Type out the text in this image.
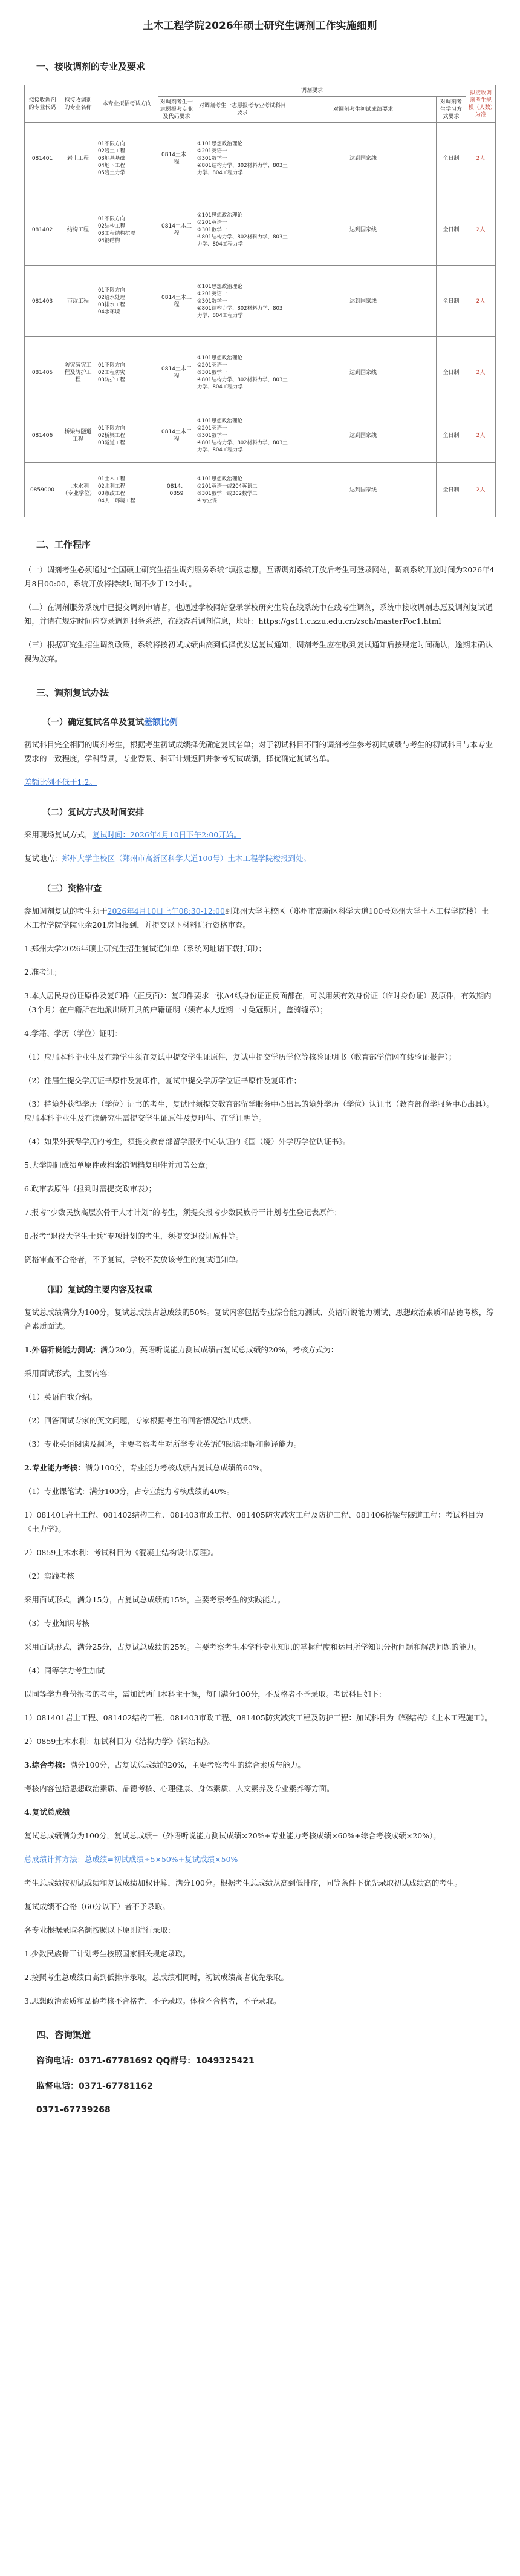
土木工程学院2026年硕士研究生调剂工作实施细则
一、接收调剂的专业及要求
拟接收调剂的专业代码	拟接收调剂的专业名称	本专业拟招考试方向	调剂要求				拟接收调剂考生规模（人数）为准
			对调剂考生一志愿报考专业及代码要求	对调剂考生一志愿报考专业考试科目要求	对调剂考生初试成绩要求	对调剂考生学习方式要求	
081401	岩土工程	01不限方向
02岩土工程
03地基基础
04地下工程
05岩土力学	0814土木工程	①101思想政治理论
②201英语一
③301数学一
④801结构力学、802材料力学、803土力学、804工程力学	达到国家线	全日制	2人
081402	结构工程	01不限方向
02结构工程
03工程结构抗震
04钢结构	0814土木工程	①101思想政治理论
②201英语一
③301数学一
④801结构力学、802材料力学、803土力学、804工程力学	达到国家线	全日制	2人
081403	市政工程	01不限方向
02给水处理
03排水工程
04水环境	0814土木工程	①101思想政治理论
②201英语一
③301数学一
④801结构力学、802材料力学、803土力学、804工程力学	达到国家线	全日制	2人
081405	防灾减灾工程及防护工程	01不限方向
02工程防灾
03防护工程	0814土木工程	①101思想政治理论
②201英语一
③301数学一
④801结构力学、802材料力学、803土力学、804工程力学	达到国家线	全日制	2人
081406	桥梁与隧道工程	01不限方向
02桥梁工程
03隧道工程	0814土木工程	①101思想政治理论
②201英语一
③301数学一
④801结构力学、802材料力学、803土力学、804工程力学	达到国家线	全日制	2人
0859000	土木水利（专业学位）	01土木工程
02水利工程
03市政工程
04人工环境工程	0814、0859	①101思想政治理论
②201英语一或204英语二
③301数学一或302数学二
④专业课	达到国家线	全日制	2人
二、工作程序

（一）调剂考生必须通过“全国硕士研究生招生调剂服务系统”填报志愿。互帮调剂系统开放后考生可登录网站，调剂系统开放时间为2026年4月8日00:00，系统开放将持续时间不少于12小时。

（二）在调剂服务系统中已提交调剂申请者，也通过学校网站登录学校研究生院在线系统中在线考生调剂，系统中接收调剂志愿及调剂复试通知，并请在规定时间内登录调剂服务系统，在线查看调剂信息，地址：https://gs11.c.zzu.edu.cn/zsch/masterFoc1.html

（三）根据研究生招生调剂政策，系统将按初试成绩由高到低择优发送复试通知，调剂考生应在收到复试通知后按规定时间确认，逾期未确认视为放弃。

三、调剂复试办法
（一）确定复试名单及复试差额比例

初试科目完全相同的调剂考生，根据考生初试成绩择优确定复试名单；对于初试科目不同的调剂考生参考初试成绩与考生的初试科目与本专业要求的一致程度，学科背景，专业背景、科研计划返回并参考初试成绩，择优确定复试名单。

差额比例不低于1:2。

（二）复试方式及时间安排

采用现场复试方式，复试时间：2026年4月10日下午2:00开始。

复试地点：郑州大学主校区（郑州市高新区科学大道100号）土木工程学院楼报到处。

（三）资格审查

参加调剂复试的考生须于2026年4月10日上午08:30-12:00到郑州大学主校区（郑州市高新区科学大道100号郑州大学土木工程学院楼）土木工程学院学院业余201房间报到，并提交以下材料进行资格审查。

1.郑州大学2026年硕士研究生招生复试通知单（系统网址请下载打印）；

2.准考证；

3.本人居民身份证原件及复印件（正反面）：复印件要求一张A4纸身份证正反面都在，可以用须有效身份证（临时身份证）及原件，有效期内（3个月）在户籍所在地派出所开具的户籍证明（须有本人近期一寸免冠照片，盖骑缝章）；

4.学籍、学历（学位）证明：

（1）应届本科毕业生及在籍学生须在复试中提交学生证原件，复试中提交学历学位等核验证明书（教育部学信网在线验证报告）；

（2）往届生提交学历证书原件及复印件，复试中提交学历学位证书原件及复印件；

（3）持境外获得学历（学位）证书的考生，复试时须提交教育部留学服务中心出具的境外学历（学位）认证书（教育部留学服务中心出具）。应届本科毕业生及在读研究生需提交学生证原件及复印件、在学证明等。

（4）如果外获得学历的考生，须提交教育部留学服务中心认证的《国（境）外学历学位认证书》。

5.大学期间成绩单原件或档案馆调档复印件并加盖公章；

6.政审表原件（报到时需提交政审表）；

7.报考“少数民族高层次骨干人才计划”的考生，须提交报考少数民族骨干计划考生登记表原件；

8.报考“退役大学生士兵”专项计划的考生，须提交退役证原件等。

资格审查不合格者，不予复试，学校不发放该考生的复试通知单。

（四）复试的主要内容及权重

复试总成绩满分为100分，复试总成绩占总成绩的50%。复试内容包括专业综合能力测试、英语听说能力测试、思想政治素质和品德考核，综合素质面试。

1.外语听说能力测试：满分20分，英语听说能力测试成绩占复试总成绩的20%，考核方式为：

采用面试形式，主要内容：

（1）英语自我介绍。

（2）回答面试专家的英文问题，专家根据考生的回答情况给出成绩。

（3）专业英语阅读及翻译，主要考察考生对所学专业英语的阅读理解和翻译能力。

2.专业能力考核：满分100分，专业能力考核成绩占复试总成绩的60%。

（1）专业课笔试：满分100分，占专业能力考核成绩的40%。

1）081401岩土工程、081402结构工程、081403市政工程、081405防灾减灾工程及防护工程、081406桥梁与隧道工程：考试科目为《土力学》。

2）0859土木水利：考试科目为《混凝土结构设计原理》。

（2）实践考核

采用面试形式，满分15分，占复试总成绩的15%，主要考察考生的实践能力。

（3）专业知识考核

采用面试形式，满分25分，占复试总成绩的25%。主要考察考生本学科专业知识的掌握程度和运用所学知识分析问题和解决问题的能力。

（4）同等学力考生加试

以同等学力身份报考的考生，需加试两门本科主干课，每门满分100分，不及格者不予录取。考试科目如下：

1）081401岩土工程、081402结构工程、081403市政工程、081405防灾减灾工程及防护工程：加试科目为《钢结构》《土木工程施工》。

2）0859土木水利：加试科目为《结构力学》《钢结构》。

3.综合考核：满分100分，占复试总成绩的20%，主要考察考生的综合素质与能力。

考核内容包括思想政治素质、品德考核、心理健康、身体素质、人文素养及专业素养等方面。

4.复试总成绩

复试总成绩满分为100分，复试总成绩=（外语听说能力测试成绩×20%+专业能力考核成绩×60%+综合考核成绩×20%）。

总成绩计算方法：总成绩=初试成绩÷5×50%+复试成绩×50%

考生总成绩按初试成绩和复试成绩加权计算，满分100分。根据考生总成绩从高到低排序，同等条件下优先录取初试成绩高的考生。

复试成绩不合格（60分以下）者不予录取。

各专业根据录取名额按照以下原则进行录取：

1.少数民族骨干计划考生按照国家相关规定录取。

2.按照考生总成绩由高到低排序录取，总成绩相同时，初试成绩高者优先录取。

3.思想政治素质和品德考核不合格者，不予录取。体检不合格者，不予录取。

四、咨询渠道
咨询电话：0371-67781692 QQ群号：1049325421
监督电话：0371-67781162
0371-67739268
